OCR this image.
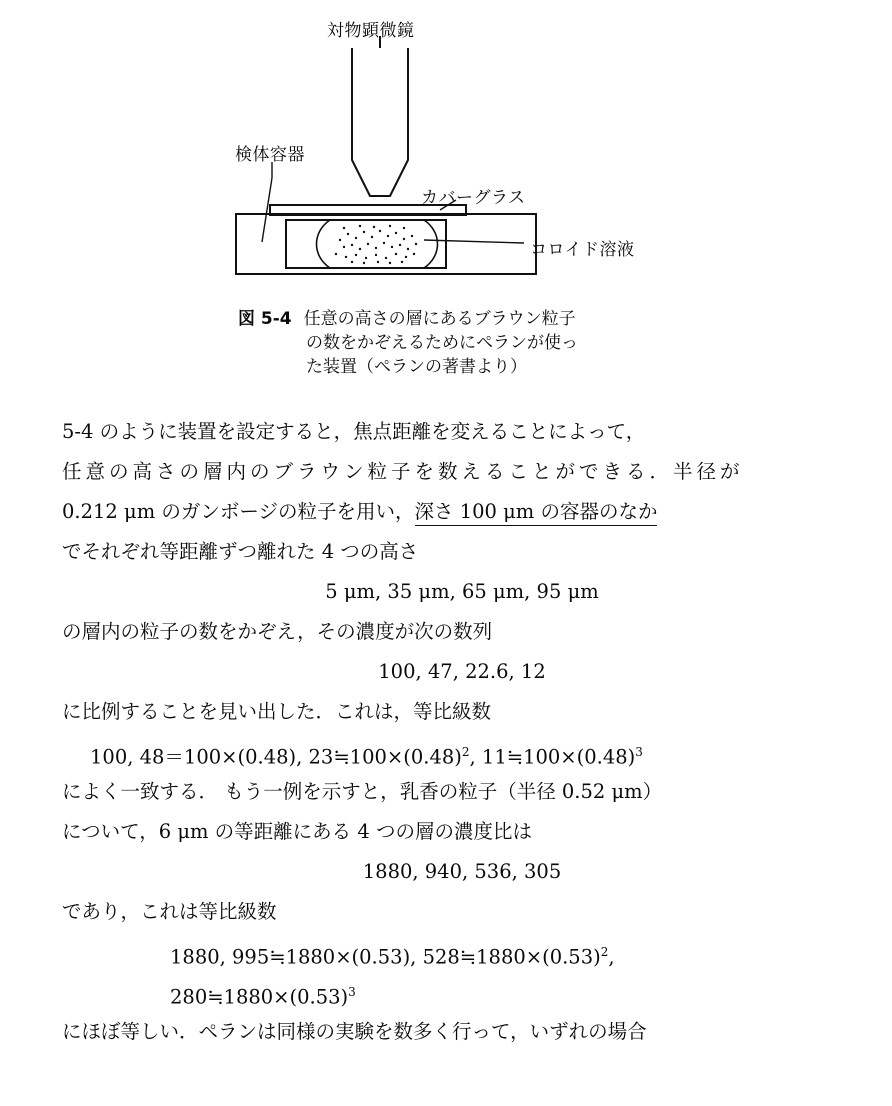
対物顕微鏡
検体容器
カバーグラス
コロイド溶液
図 5-4 任意の高さの層にあるブラウン粒子
の数をかぞえるためにペランが使っ
た装置（ペランの著書より）
5-4 のように装置を設定すると，焦点距離を変えることによって，
任意の高さの層内のブラウン粒子を数えることができる．半径が
0.212 μm のガンボージの粒子を用い，深さ 100 μm の容器のなか
でそれぞれ等距離ずつ離れた 4 つの高さ
5 μm, 35 μm, 65 μm, 95 μm
の層内の粒子の数をかぞえ，その濃度が次の数列
100, 47, 22.6, 12
に比例することを見い出した．これは，等比級数
100, 48＝100×(0.48), $23≒100\times(0.48)^2$, $11≒100\times(0.48)^3$
によく一致する． もう一例を示すと，乳香の粒子（半径 0.52 μm）
について，6 μm の等距離にある 4 つの層の濃度比は
1880, 940, 536, 305
であり，これは等比級数
1880, 995≒1880×(0.53), $528≒1880\times(0.53)^2$,
$280≒1880\times(0.53)^3$
にほぼ等しい．ペランは同様の実験を数多く行って，いずれの場合
